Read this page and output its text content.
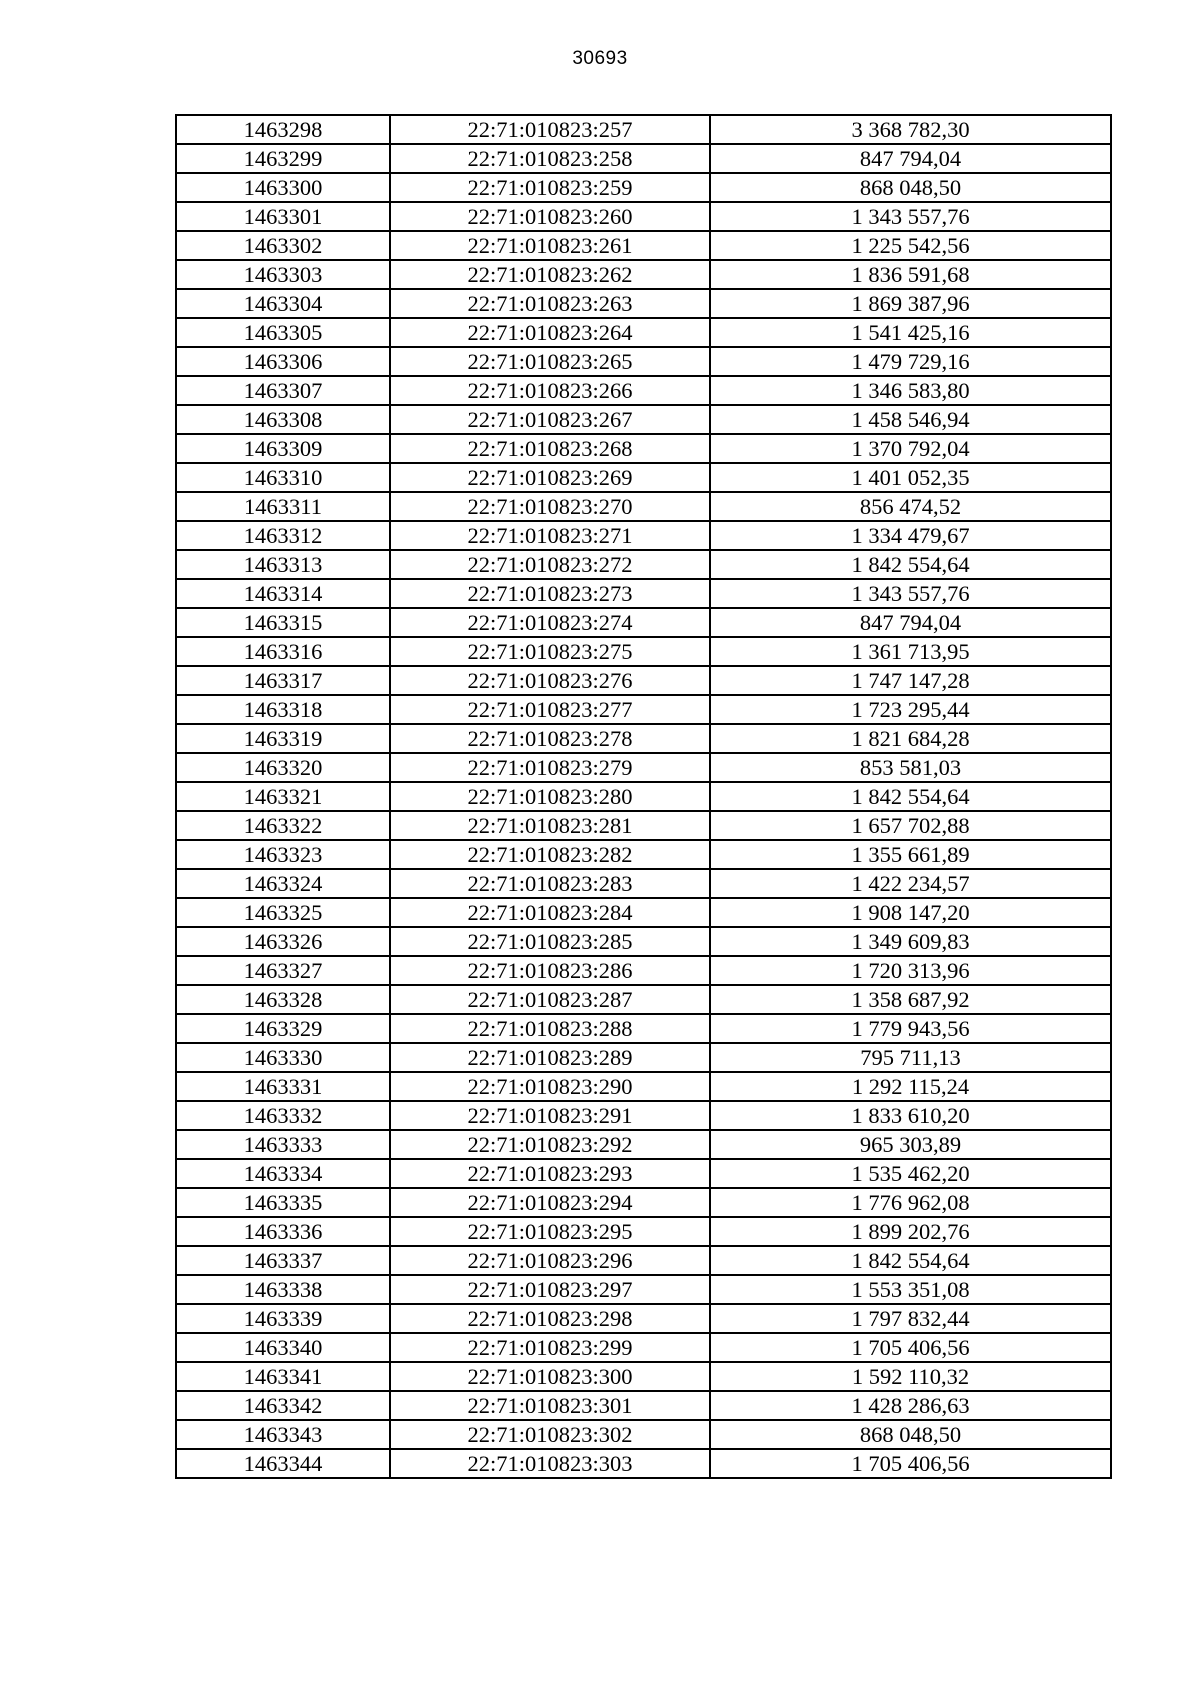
30693
1463298	22:71:010823:257	3 368 782,30
1463299	22:71:010823:258	847 794,04
1463300	22:71:010823:259	868 048,50
1463301	22:71:010823:260	1 343 557,76
1463302	22:71:010823:261	1 225 542,56
1463303	22:71:010823:262	1 836 591,68
1463304	22:71:010823:263	1 869 387,96
1463305	22:71:010823:264	1 541 425,16
1463306	22:71:010823:265	1 479 729,16
1463307	22:71:010823:266	1 346 583,80
1463308	22:71:010823:267	1 458 546,94
1463309	22:71:010823:268	1 370 792,04
1463310	22:71:010823:269	1 401 052,35
1463311	22:71:010823:270	856 474,52
1463312	22:71:010823:271	1 334 479,67
1463313	22:71:010823:272	1 842 554,64
1463314	22:71:010823:273	1 343 557,76
1463315	22:71:010823:274	847 794,04
1463316	22:71:010823:275	1 361 713,95
1463317	22:71:010823:276	1 747 147,28
1463318	22:71:010823:277	1 723 295,44
1463319	22:71:010823:278	1 821 684,28
1463320	22:71:010823:279	853 581,03
1463321	22:71:010823:280	1 842 554,64
1463322	22:71:010823:281	1 657 702,88
1463323	22:71:010823:282	1 355 661,89
1463324	22:71:010823:283	1 422 234,57
1463325	22:71:010823:284	1 908 147,20
1463326	22:71:010823:285	1 349 609,83
1463327	22:71:010823:286	1 720 313,96
1463328	22:71:010823:287	1 358 687,92
1463329	22:71:010823:288	1 779 943,56
1463330	22:71:010823:289	795 711,13
1463331	22:71:010823:290	1 292 115,24
1463332	22:71:010823:291	1 833 610,20
1463333	22:71:010823:292	965 303,89
1463334	22:71:010823:293	1 535 462,20
1463335	22:71:010823:294	1 776 962,08
1463336	22:71:010823:295	1 899 202,76
1463337	22:71:010823:296	1 842 554,64
1463338	22:71:010823:297	1 553 351,08
1463339	22:71:010823:298	1 797 832,44
1463340	22:71:010823:299	1 705 406,56
1463341	22:71:010823:300	1 592 110,32
1463342	22:71:010823:301	1 428 286,63
1463343	22:71:010823:302	868 048,50
1463344	22:71:010823:303	1 705 406,56
